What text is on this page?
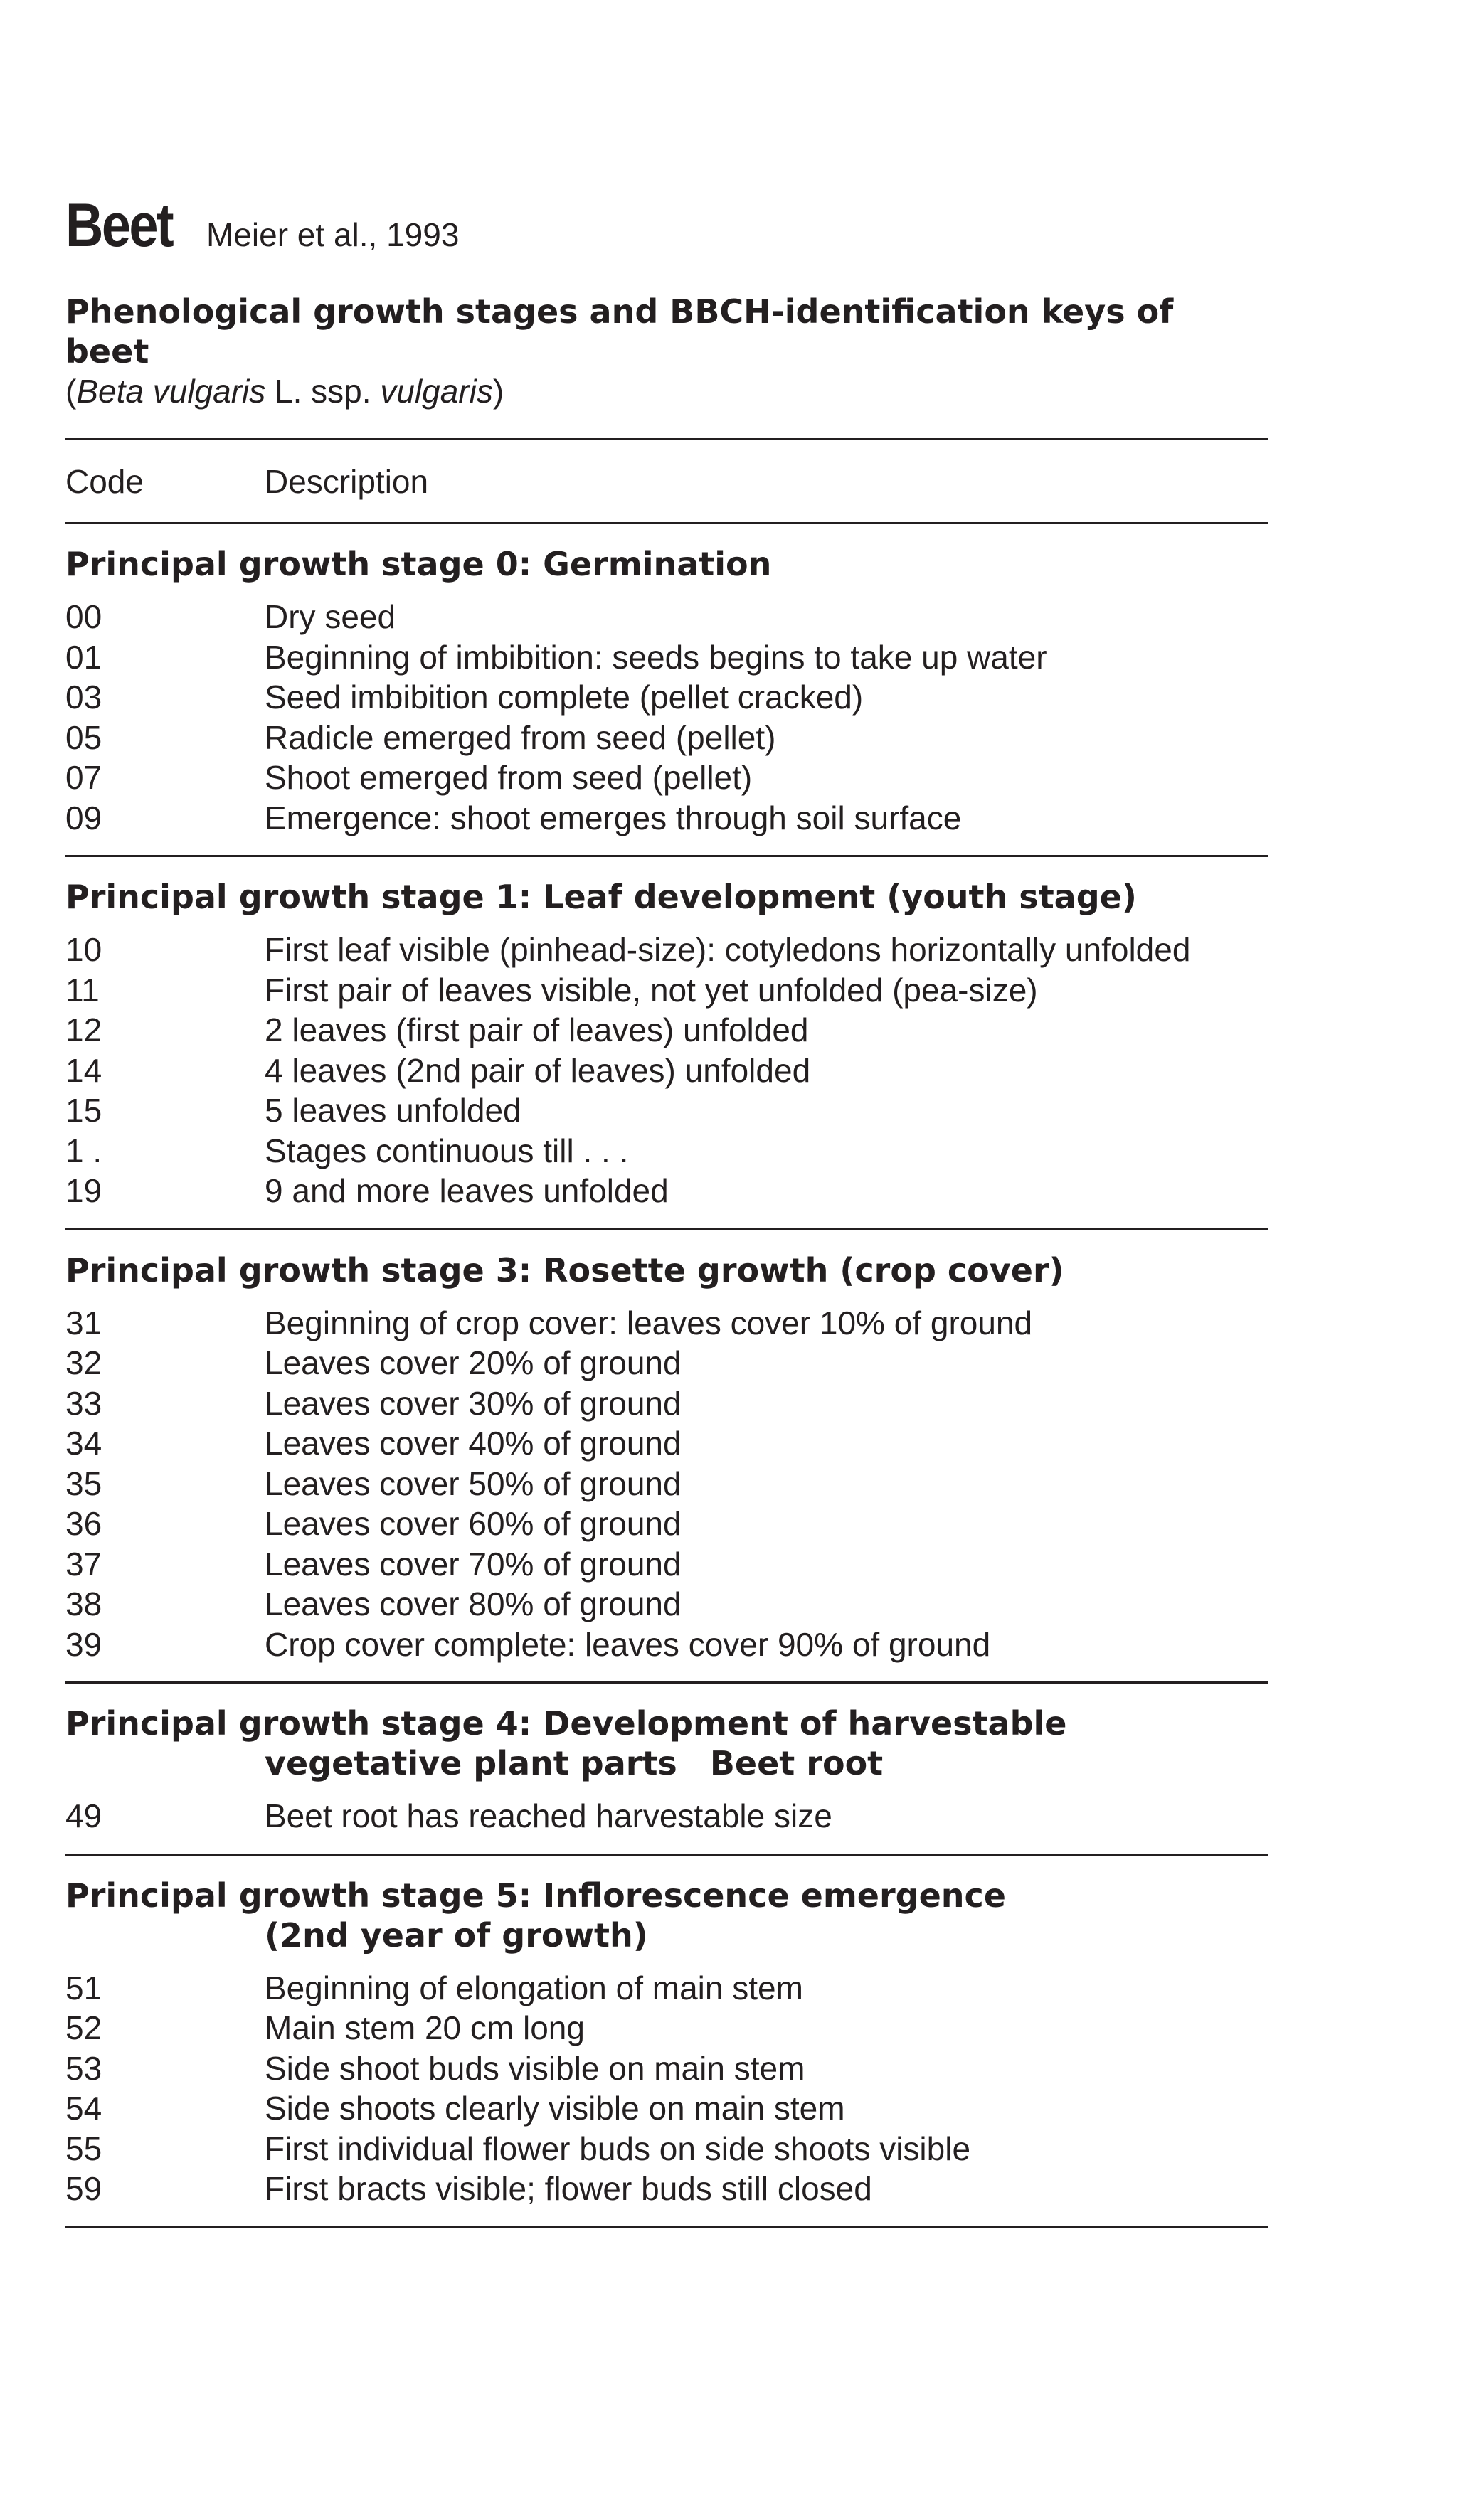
Beet Meier et al., 1993
Phenological growth stages and BBCH-identification keys of beet
(Beta vulgaris L. ssp. vulgaris)
Code	Description
Principal growth stage 0: Germination
00	Dry seed
01	Beginning of imbibition: seeds begins to take up water
03	Seed imbibition complete (pellet cracked)
05	Radicle emerged from seed (pellet)
07	Shoot emerged from seed (pellet)
09	Emergence: shoot emerges through soil surface
Principal growth stage 1: Leaf development (youth stage)
10	First leaf visible (pinhead-size): cotyledons horizontally unfolded
11	First pair of leaves visible, not yet unfolded (pea-size)
12	2 leaves (first pair of leaves) unfolded
14	4 leaves (2nd pair of leaves) unfolded
15	5 leaves unfolded
1 .	Stages continuous till . . .
19	9 and more leaves unfolded
Principal growth stage 3: Rosette growth (crop cover)
31	Beginning of crop cover: leaves cover 10% of ground
32	Leaves cover 20% of ground
33	Leaves cover 30% of ground
34	Leaves cover 40% of ground
35	Leaves cover 50% of ground
36	Leaves cover 60% of ground
37	Leaves cover 70% of ground
38	Leaves cover 80% of ground
39	Crop cover complete: leaves cover 90% of ground
Principal growth stage 4: Development of harvestable
vegetative plant parts Beet root
49	Beet root has reached harvestable size
Principal growth stage 5: Inflorescence emergence
(2nd year of growth)
51	Beginning of elongation of main stem
52	Main stem 20 cm long
53	Side shoot buds visible on main stem
54	Side shoots clearly visible on main stem
55	First individual flower buds on side shoots visible
59	First bracts visible; flower buds still closed
